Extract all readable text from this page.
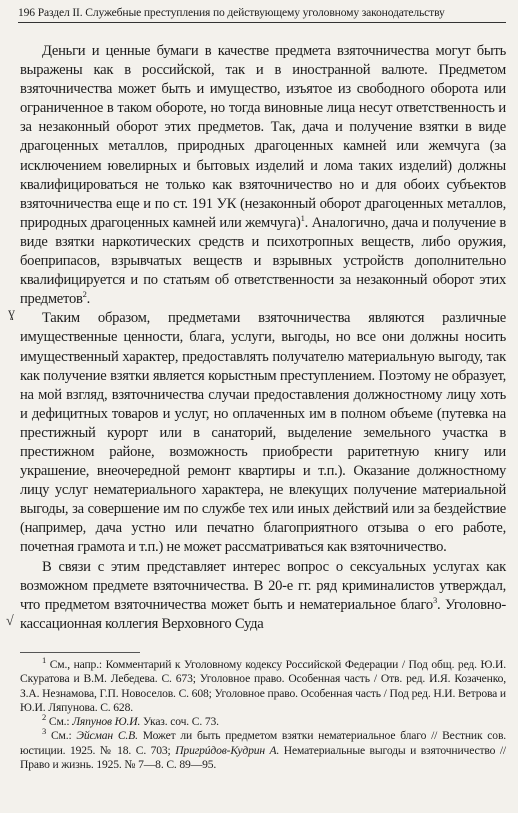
196 Раздел II. Служебные преступления по действующему уголовному законодательству

Деньги и ценные бумаги в качестве предмета взяточничества могут быть выражены как в российской, так и в иностранной валюте. Предметом взяточничества может быть и имущество, изъятое из свободного оборота или ограниченное в таком обороте, но тогда виновные лица несут ответственность и за незаконный оборот этих предметов. Так, дача и получение взятки в виде драгоценных металлов, природных драгоценных камней или жемчуга (за исключением ювелирных и бытовых изделий и лома таких изделий) должны квалифицироваться не только как взяточничество но и для обоих субъектов взяточничества еще и по ст. 191 УК (незаконный оборот драгоценных металлов, природных драгоценных камней или жемчуга)$^1$. Аналогично, дача и получение в виде взятки наркотических средств и психотропных веществ, либо оружия, боеприпасов, взрывчатых веществ и взрывных устройств дополнительно квалифицируется и по статьям об ответственности за незаконный оборот этих предметов$^2$.

Таким образом, предметами взяточничества являются различные имущественные ценности, блага, услуги, выгоды, но все они должны носить имущественный характер, предоставлять получателю материальную выгоду, так как получение взятки является корыстным преступлением. Поэтому не образует, на мой взгляд, взяточничества случаи предоставления должностному лицу хоть и дефицитных товаров и услуг, но оплаченных им в полном объеме (путевка на престижный курорт или в санаторий, выделение земельного участка в престижном районе, возможность приобрести раритетную книгу или украшение, внеочередной ремонт квартиры и т.п.). Оказание должностному лицу услуг нематериального характера, не влекущих получение материальной выгоды, за совершение им по службе тех или иных действий или за бездействие (например, дача устно или печатно благоприятного отзыва о его работе, почетная грамота и т.п.) не может рассматриваться как взяточничество.

В связи с этим представляет интерес вопрос о сексуальных услугах как возможном предмете взяточничества. В 20-е гг. ряд криминалистов утверждал, что предметом взяточничества может быть и нематериальное благо$^3$. Уголовно-кассационная коллегия Верховного Суда

ɣ
√

$^1$ См., напр.: Комментарий к Уголовному кодексу Российской Федерации / Под общ. ред. Ю.И. Скуратова и В.М. Лебедева. С. 673; Уголовное право. Особенная часть / Отв. ред. И.Я. Козаченко, З.А. Незнамова, Г.П. Новоселов. С. 608; Уголовное право. Особенная часть / Под ред. Н.И. Ветрова и Ю.И. Ляпунова. С. 628.

$^2$ См.: Ляпунов Ю.И. Указ. соч. С. 73.

$^3$ См.: Эйсман С.В. Может ли быть предметом взятки нематериальное благо // Вестник сов. юстиции. 1925. № 18. С. 703; Пригрúдов-Кудрин А. Нематериальные выгоды и взяточничество // Право и жизнь. 1925. № 7—8. С. 89—95.
